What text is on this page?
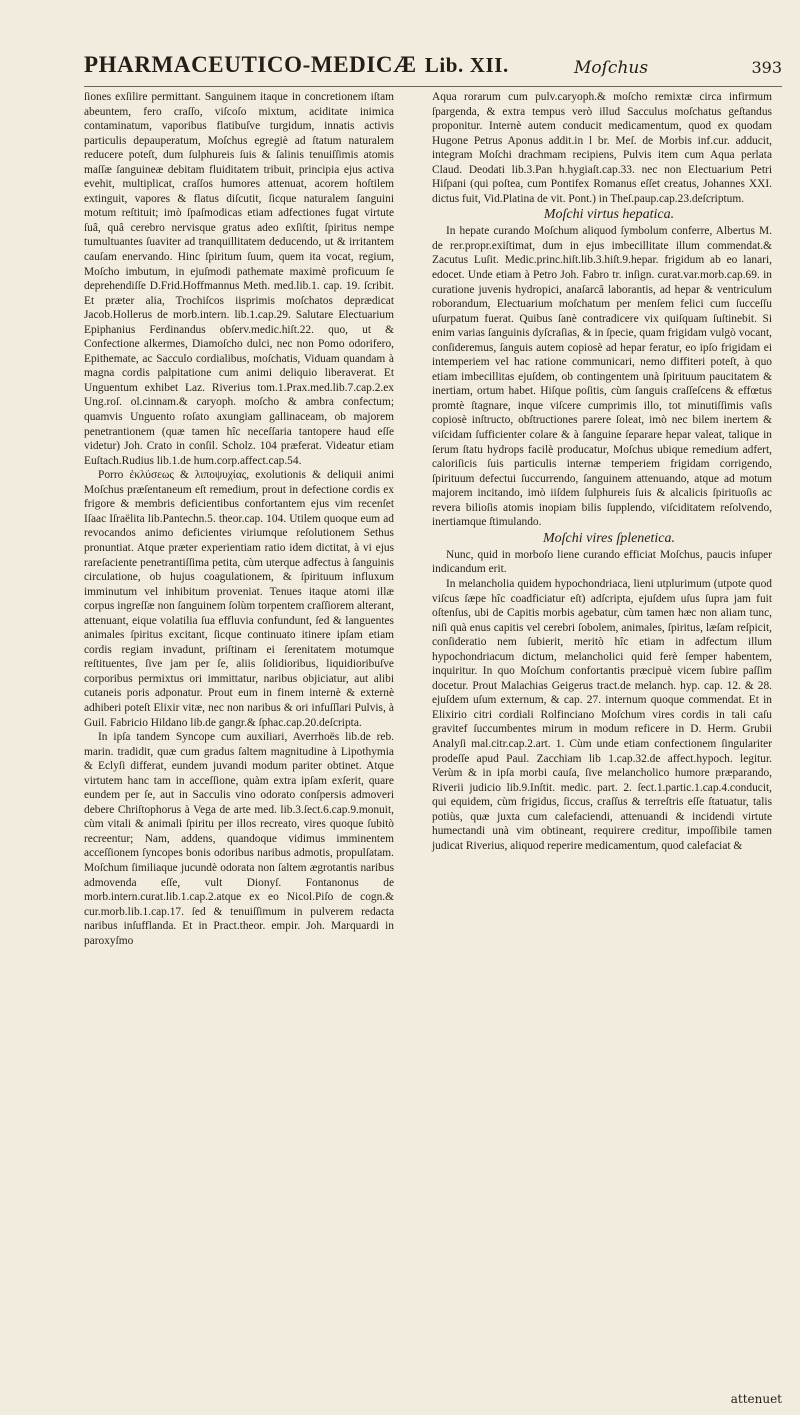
PHARMACEUTICO-MEDICÆ Lib. XII.	Moſchus	393

ſiones exſilire permittant. Sanguinem itaque in concretionem iſtam abeuntem, fero craſſo, viſcoſo mixtum, aciditate inimica contaminatum, vaporibus flatibuſve turgidum, innatis activis particulis depauperatum, Moſchus egregiè ad ſtatum naturalem reducere poteſt, dum ſulphureis ſuis & ſalinis tenuiſſimis atomis maſſæ ſanguineæ debitam fluiditatem tribuit, principia ejus activa evehit, multiplicat, craſſos humores attenuat, acorem hoſtilem extinguit, vapores & flatus diſcutit, ſicque naturalem ſanguini motum reſtituit; imò ſpaſmodicas etiam adfectiones fugat virtute ſuâ, quâ cerebro nervisque gratus adeo exſiſtit, ſpiritus nempe tumultuantes ſuaviter ad tranquillitatem deducendo, ut & irritantem cauſam enervando. Hinc ſpiritum ſuum, quem ita vocat, regium, Moſcho imbutum, in ejuſmodi pathemate maximè proficuum ſe deprehendiſſe D.Frid.Hoffmannus Meth. med.lib.1. cap. 19. ſcribit. Et præter alia, Trochiſcos iisprimis moſchatos deprædicat Jacob.Hollerus de morb.intern. lib.1.cap.29. Salutare Electuarium Epiphanius Ferdinandus obſerv.medic.hiſt.22. quo, ut & Confectione alkermes, Diamoſcho dulci, nec non Pomo odorifero, Epithemate, ac Sacculo cordialibus, moſchatis, Viduam quandam à magna cordis palpitatione cum animi deliquio liberaverat. Et Unguentum exhibet Laz. Riverius tom.1.Prax.med.lib.7.cap.2.ex Ung.roſ. ol.cinnam.& caryoph. moſcho & ambra confectum; quamvis Unguento roſato axungiam gallinaceam, ob majorem penetrantionem (quæ tamen hîc neceſſaria tantopere haud eſſe videtur) Joh. Crato in conſil. Scholz. 104 præferat. Videatur etiam Euſtach.Rudius lib.1.de hum.corp.affect.cap.54.

Porro ἐκλύσεως & λιποψυχίας, exolutionis & deliquii animi Moſchus præſentaneum eſt remedium, prout in defectione cordis ex frigore & membris deficientibus confortantem ejus vim recenſet Iſaac Iſraëlita lib.Pantechn.5. theor.cap. 104. Utilem quoque eum ad revocandos animo deficientes viriumque reſolutionem Sethus pronuntiat. Atque præter experientiam ratio idem dictitat, à vi ejus rareſaciente penetrantiſſima petita, cùm uterque adfectus à ſanguinis circulatione, ob hujus coagulationem, & ſpirituum influxum imminutum vel inhibitum proveniat. Tenues itaque atomi illæ corpus ingreſſæ non ſanguinem ſolùm torpentem craſſiorem alterant, attenuant, eique volatilia ſua effluvia confundunt, ſed & languentes animales ſpiritus excitant, ſicque continuato itinere ipſam etiam cordis regiam invadunt, priſtinam ei ſerenitatem motumque reſtituentes, ſive jam per ſe, aliis ſolidioribus, liquidioribuſve corporibus permixtus ori immittatur, naribus objiciatur, aut alibi cutaneis poris adponatur. Prout eum in finem internè & externè adhiberi poteſt Elixir vitæ, nec non naribus & ori infuſſlari Pulvis, à Guil. Fabricio Hildano lib.de gangr.& ſphac.cap.20.deſcripta.

In ipſa tandem Syncope cum auxiliari, Averrhoës lib.de reb. marin. tradidit, quæ cum gradus ſaltem magnitudine à Lipothymia & Eclyſi differat, eundem juvandi modum pariter obtinet. Atque virtutem hanc tam in acceſſione, quàm extra ipſam exſerit, quare eundem per ſe, aut in Sacculis vino odorato conſpersis admoveri debere Chriſtophorus à Vega de arte med. lib.3.ſect.6.cap.9.monuit, cùm vitali & animali ſpiritu per illos recreato, vires quoque ſubitò recreentur; Nam, addens, quandoque vidimus imminentem acceſſionem ſyncopes bonis odoribus naribus admotis, propulſatam. Moſchum ſimiliaque jucundè odorata non ſaltem ægrotantis naribus admovenda eſſe, vult Dionyſ. Fontanonus de morb.intern.curat.lib.1.cap.2.atque ex eo Nicol.Piſo de cogn.& cur.morb.lib.1.cap.17. ſed & tenuiſſimum in pulverem redacta naribus inſufflanda. Et in Pract.theor. empir. Joh. Marquardi in paroxyſmo

Aqua rorarum cum pulv.caryoph.& moſcho remixtæ circa infirmum ſpargenda, & extra tempus verò illud Sacculus moſchatus geſtandus proponitur. Internè autem conducit medicamentum, quod ex quodam Hugone Petrus Aponus addit.in l br. Meſ. de Morbis inf.cur. adducit, integram Moſchi drachmam recipiens, Pulvis item cum Aqua perlata Claud. Deodati lib.3.Pan h.hygiaſt.cap.33. nec non Electuarium Petri Hiſpani (qui poſtea, cum Pontifex Romanus eſſet creatus, Johannes XXI. dictus fuit, Vid.Platina de vit. Pont.) in Theſ.paup.cap.23.deſcriptum.

Moſchi virtus hepatica.

In hepate curando Moſchum aliquod ſymbolum conferre, Albertus M. de rer.propr.exiſtimat, dum in ejus imbecillitate illum commendat.& Zacutus Luſit. Medic.princ.hiſt.lib.3.hiſt.9.hepar. frigidum ab eo lanari, edocet. Unde etiam à Petro Joh. Fabro tr. inſign. curat.var.morb.cap.69. in curatione juvenis hydropici, anaſarcâ laborantis, ad hepar & ventriculum roborandum, Electuarium moſchatum per menſem felici cum ſucceſſu uſurpatum fuerat. Quibus ſanè contradicere vix quiſquam ſuſtinebit. Si enim varias ſanguinis dyſcraſias, & in ſpecie, quam frigidam vulgò vocant, conſideremus, ſanguis autem copiosè ad hepar feratur, eo ipſo frigidam ei intemperiem vel hac ratione communicari, nemo diffiteri poteſt, à quo etiam imbecillitas ejuſdem, ob contingentem unà ſpirituum paucitatem & inertiam, ortum habet. Hiſque poſitis, cùm ſanguis craſſeſcens & effœtus promtè ſtagnare, inque viſcere cumprimis illo, tot minutiſſimis vaſis copiosè inſtructo, obſtructiones parere ſoleat, imò nec bilem inertem & viſcidam ſufficienter colare & à ſanguine ſeparare hepar valeat, talique in ſerum ſtatu hydrops facilè producatur, Moſchus ubique remedium adfert, caloriſicis ſuis particulis internæ temperiem frigidam corrigendo, ſpirituum defectui ſuccurrendo, ſanguinem attenuando, atque ad motum majorem incitando, imò iiſdem ſulphureis ſuis & alcalicis ſpirituoſis ac revera bilioſis atomis inopiam bilis ſupplendo, viſciditatem reſolvendo, inertiamque ſtimulando.

Moſchi vires ſplenetica.

Nunc, quid in morboſo liene curando efficiat Moſchus, paucis inſuper indicandum erit.

In melancholia quidem hypochondriaca, lieni utplurimum (utpote quod viſcus ſæpe hîc coadficiatur eſt) adſcripta, ejuſdem uſus ſupra jam fuit oſtenſus, ubi de Capitis morbis agebatur, cùm tamen hæc non aliam tunc, niſi quà enus capitis vel cerebri ſobolem, animales, ſpiritus, læſam reſpicit, conſideratio nem ſubierit, meritò hîc etiam in adfectum illum hypochondriacum dictum, melancholici quid ferè ſemper habentem, inquiritur. In quo Moſchum confortantis præcipuè vicem ſubire paſſim docetur. Prout Malachias Geigerus tract.de melanch. hyp. cap. 12. & 28. ejuſdem uſum externum, & cap. 27. internum quoque commendat. Et in Elixirio citri cordiali Rolfinciano Moſchum vires cordis in tali caſu gravitef ſuccumbentes mirum in modum reficere in D. Herm. Grubii Analyſi mal.citr.cap.2.art. 1. Cùm unde etiam confectionem ſingulariter prodeſſe apud Paul. Zacchiam lib 1.cap.32.de affect.hypoch. legitur. Verùm & in ipſa morbi cauſa, ſive melancholico humore præparando, Riverii judicio lib.9.Inſtit. medic. part. 2. ſect.1.partic.1.cap.4.conducit, qui equidem, cùm frigidus, ſiccus, craſſus & terreſtris eſſe ſtatuatur, talis potiùs, quæ juxta cum calefaciendi, attenuandi & incidendi virtute humectandi unà vim obtineant, requirere creditur, impoſſibile tamen judicat Riverius, aliquod reperire medicamentum, quod calefaciat &

attenuet
